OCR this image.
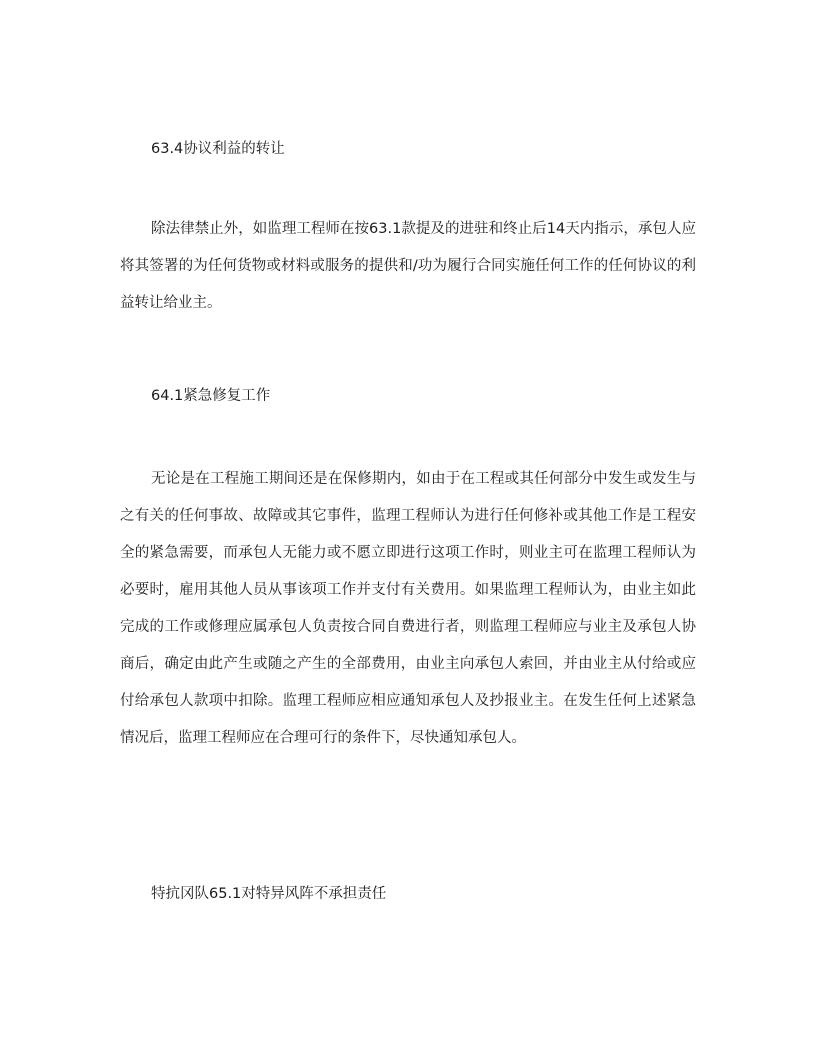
63.4协议利益的转让
除法律禁止外，如监理工程师在按63.1款提及的进驻和终止后14天内指示，承包人应将其签署的为任何货物或材料或服务的提供和/功为履行合同实施任何工作的任何协议的利益转让给业主。
64.1紧急修复工作
无论是在工程施工期间还是在保修期内，如由于在工程或其任何部分中发生或发生与之有关的任何事故、故障或其它事件，监理工程师认为进行任何修补或其他工作是工程安全的紧急需要，而承包人无能力或不愿立即进行这项工作时，则业主可在监理工程师认为必要时，雇用其他人员从事该项工作并支付有关费用。如果监理工程师认为，由业主如此完成的工作或修理应属承包人负责按合同自费进行者，则监理工程师应与业主及承包人协商后，确定由此产生或随之产生的全部费用，由业主向承包人索回，并由业主从付给或应付给承包人款项中扣除。监理工程师应相应通知承包人及抄报业主。在发生任何上述紧急情况后，监理工程师应在合理可行的条件下，尽快通知承包人。
特抗冈队65.1对特异风阵不承担责任
